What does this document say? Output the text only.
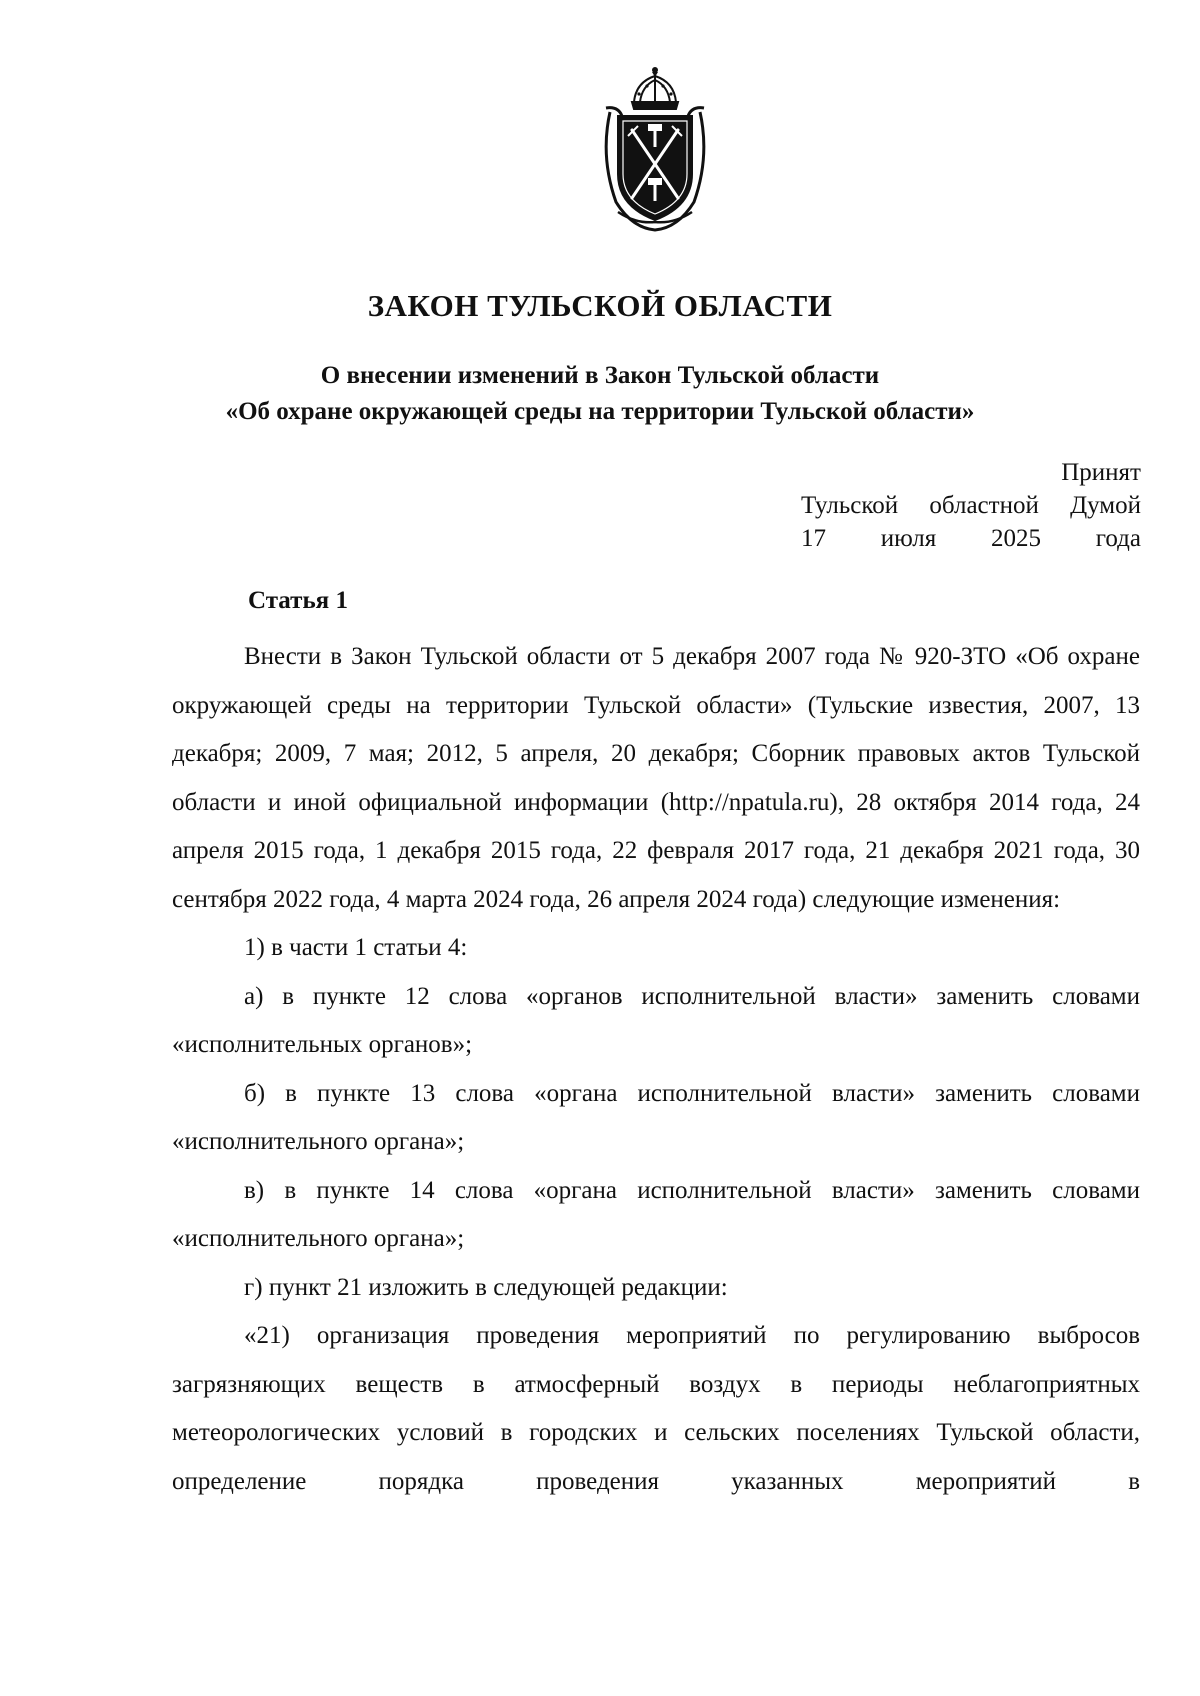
ЗАКОН ТУЛЬСКОЙ ОБЛАСТИ
О внесении изменений в Закон Тульской области
«Об охране окружающей среды на территории Тульской области»
Принят
Тульской областной Думой
17 июля 2025 года
Статья 1

Внести в Закон Тульской области от 5 декабря 2007 года № 920-ЗТО «Об охране окружающей среды на территории Тульской области» (Тульские известия, 2007, 13 декабря; 2009, 7 мая; 2012, 5 апреля, 20 декабря; Сборник правовых актов Тульской области и иной официальной информации (http://npatula.ru), 28 октября 2014 года, 24 апреля 2015 года, 1 декабря 2015 года, 22 февраля 2017 года, 21 декабря 2021 года, 30 сентября 2022 года, 4 марта 2024 года, 26 апреля 2024 года) следующие изменения:

1) в части 1 статьи 4:

а) в пункте 12 слова «органов исполнительной власти» заменить словами «исполнительных органов»;

б) в пункте 13 слова «органа исполнительной власти» заменить словами «исполнительного органа»;

в) в пункте 14 слова «органа исполнительной власти» заменить словами «исполнительного органа»;

г) пункт 21 изложить в следующей редакции:

«21) организация проведения мероприятий по регулированию выбросов загрязняющих веществ в атмосферный воздух в периоды неблагоприятных метеорологических условий в городских и сельских поселениях Тульской области, определение порядка проведения указанных мероприятий в
